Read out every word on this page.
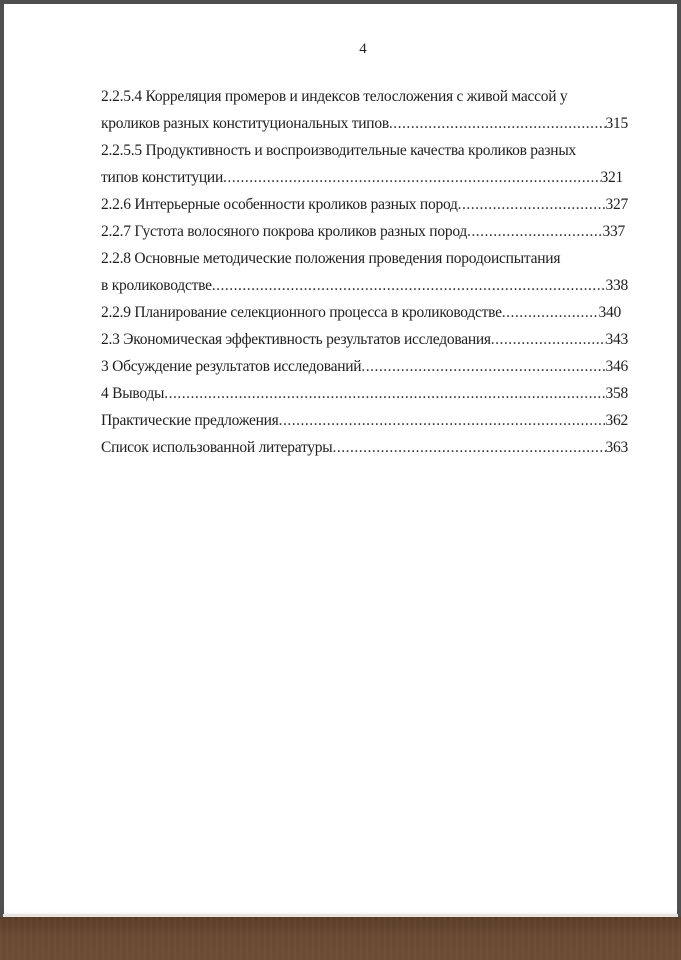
4
2.2.5.4 Корреляция промеров и индексов телосложения с живой массой у
кроликов разных конституциональных типов .....	315
2.2.5.5 Продуктивность и воспроизводительные качества кроликов разных
типов конституции .....	321
2.2.6 Интерьерные особенности кроликов разных пород .....	327
2.2.7 Густота волосяного покрова кроликов разных пород .....	337
2.2.8 Основные методические положения проведения породоиспытания
в кролиководстве .....	338
2.2.9 Планирование селекционного процесса в кролиководстве .....	340
2.3 Экономическая эффективность результатов исследования .....	343
3 Обсуждение результатов исследований .....	346
4 Выводы .....	358
Практические предложения .....	362
Список использованной литературы .....	363
